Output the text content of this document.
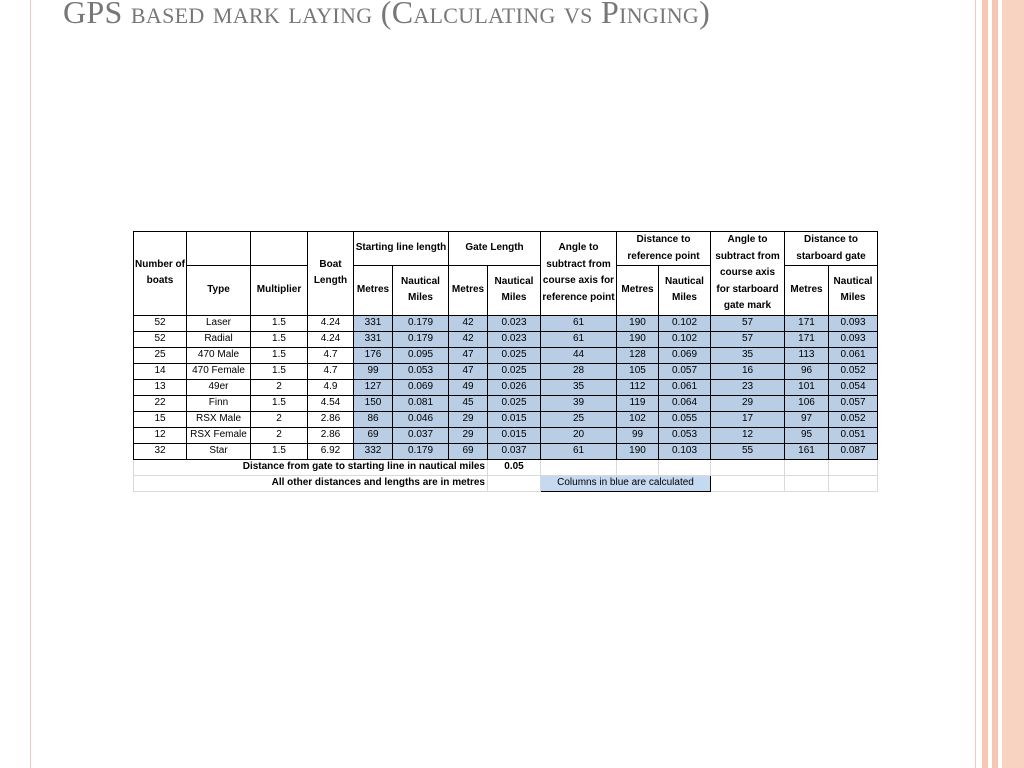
GPS based mark laying (Calculating vs Pinging)
Number of boats			Boat Length	Starting line length		Gate Length		Angle to subtract from course axis for reference point	Distance to reference point		Angle to subtract from course axis for starboard gate mark	Distance to starboard gate	
	Type	Multiplier		Metres	Nautical Miles	Metres	Nautical Miles		Metres	Nautical Miles		Metres	Nautical Miles
52	Laser	1.5	4.24	331	0.179	42	0.023	61	190	0.102	57	171	0.093
52	Radial	1.5	4.24	331	0.179	42	0.023	61	190	0.102	57	171	0.093
25	470 Male	1.5	4.7	176	0.095	47	0.025	44	128	0.069	35	113	0.061
14	470 Female	1.5	4.7	99	0.053	47	0.025	28	105	0.057	16	96	0.052
13	49er	2	4.9	127	0.069	49	0.026	35	112	0.061	23	101	0.054
22	Finn	1.5	4.54	150	0.081	45	0.025	39	119	0.064	29	106	0.057
15	RSX Male	2	2.86	86	0.046	29	0.015	25	102	0.055	17	97	0.052
12	RSX Female	2	2.86	69	0.037	29	0.015	20	99	0.053	12	95	0.051
32	Star	1.5	6.92	332	0.179	69	0.037	61	190	0.103	55	161	0.087
Distance from gate to starting line in nautical miles							0.05						
All other distances and lengths are in metres								Columns in blue are calculated					
